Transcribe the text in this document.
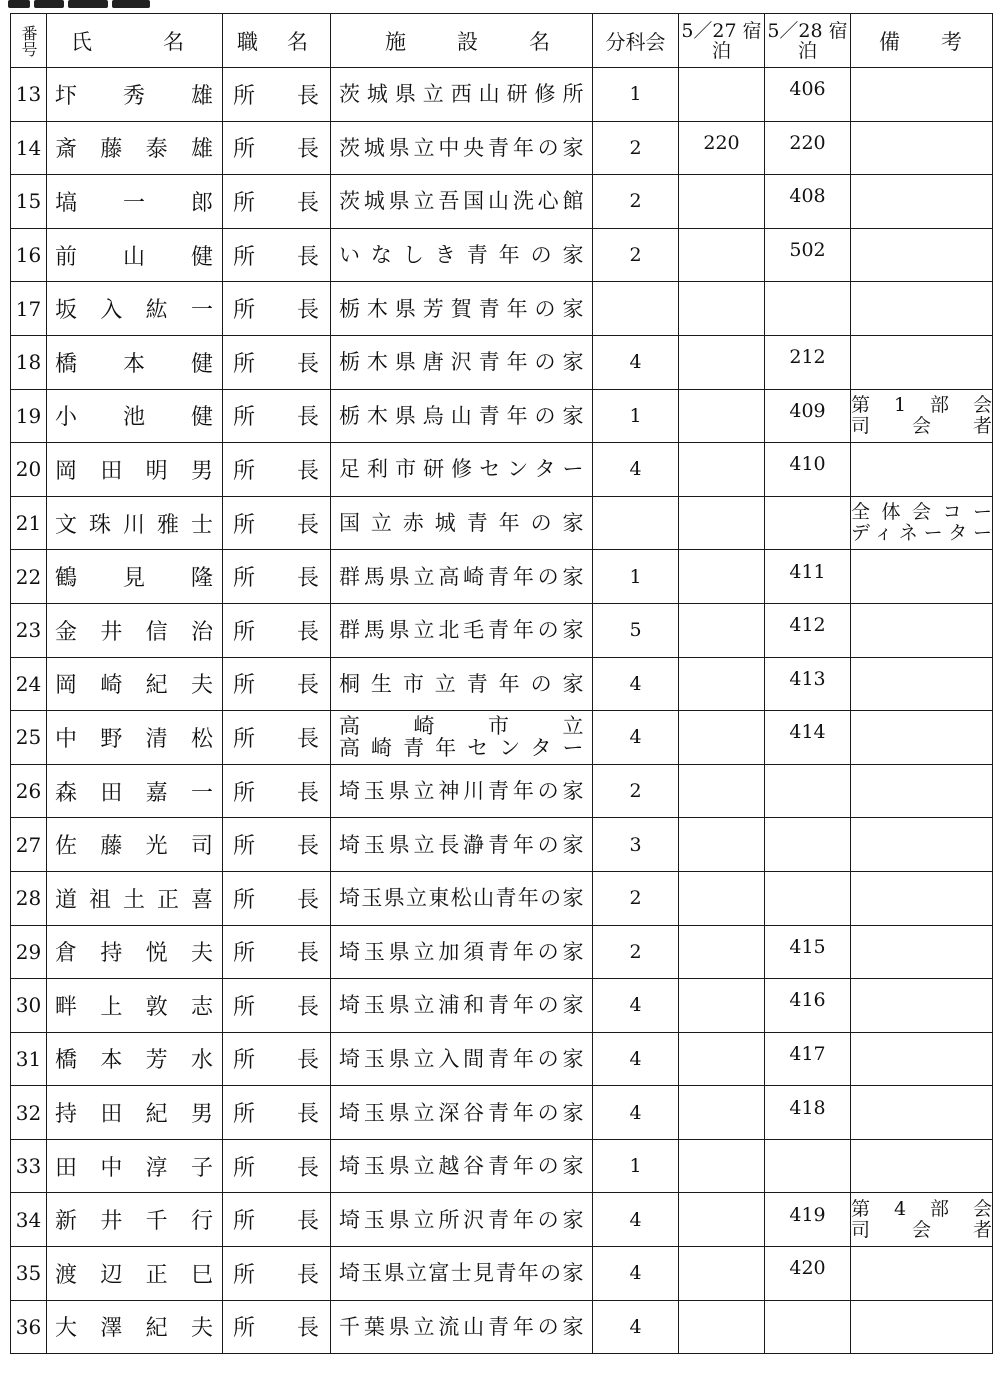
番号	氏名	職名	施設名	分科会	5／27 宿泊	5／28 宿泊	備考

13	圷秀雄	所長	茨城県立西山研修所	1		406	
14	斎藤泰雄	所長	茨城県立中央青年の家	2	220	220	
15	塙一郎	所長	茨城県立吾国山洗心館	2		408	
16	前山健	所長	いなしき青年の家	2		502	
17	坂入紘一	所長	栃木県芳賀青年の家				

18	橋本健	所長	栃木県唐沢青年の家	4		212	
19	小池健	所長	栃木県烏山青年の家	1		409	第1部会
司会者

20	岡田明男	所長	足利市研修センター	4		410	
21	文珠川雅士	所長	国立赤城青年の家				全体会コー
ディネーター

22	鶴見隆	所長	群馬県立高崎青年の家	1		411	
23	金井信治	所長	群馬県立北毛青年の家	5		412	
24	岡崎紀夫	所長	桐生市立青年の家	4		413	
25	中野清松	所長	高崎市立
高崎青年センター	4		414	
26	森田嘉一	所長	埼玉県立神川青年の家	2			
27	佐藤光司	所長	埼玉県立長瀞青年の家	3			
28	道祖土正喜	所長	埼玉県立東松山青年の家	2			
29	倉持悦夫	所長	埼玉県立加須青年の家	2		415	
30	畔上敦志	所長	埼玉県立浦和青年の家	4		416	
31	橋本芳水	所長	埼玉県立入間青年の家	4		417	
32	持田紀男	所長	埼玉県立深谷青年の家	4		418	
33	田中淳子	所長	埼玉県立越谷青年の家	1			
34	新井千行	所長	埼玉県立所沢青年の家	4		419	第4部会
司会者

35	渡辺正巳	所長	埼玉県立富士見青年の家	4		420	
36	大澤紀夫	所長	千葉県立流山青年の家	4			
